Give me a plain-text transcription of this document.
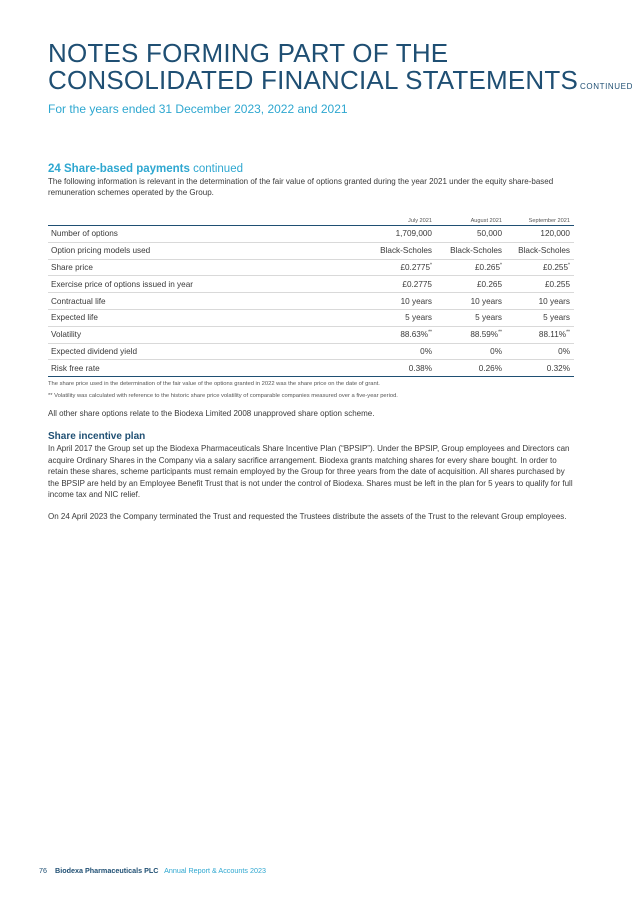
NOTES FORMING PART OF THE
CONSOLIDATED FINANCIAL STATEMENTS CONTINUED
For the years ended 31 December 2023, 2022 and 2021
24 Share-based payments continued
The following information is relevant in the determination of the fair value of options granted during the year 2021 under the equity share-based remuneration schemes operated by the Group.
	July 2021	August 2021	September 2021
Number of options	1,709,000	50,000	120,000
Option pricing models used	Black-Scholes	Black-Scholes	Black-Scholes
Share price	£0.2775*	£0.265*	£0.255*
Exercise price of options issued in year	£0.2775	£0.265	£0.255
Contractual life	10 years	10 years	10 years
Expected life	5 years	5 years	5 years
Volatility	88.63%**	88.59%**	88.11%**
Expected dividend yield	0%	0%	0%
Risk free rate	0.38%	0.26%	0.32%
The share price used in the determination of the fair value of the options granted in 2022 was the share price on the date of grant.
** Volatility was calculated with reference to the historic share price volatility of comparable companies measured over a five-year period.
All other share options relate to the Biodexa Limited 2008 unapproved share option scheme.
Share incentive plan

In April 2017 the Group set up the Biodexa Pharmaceuticals Share Incentive Plan (“BPSIP”). Under the BPSIP, Group employees and Directors can acquire Ordinary Shares in the Company via a salary sacrifice arrangement. Biodexa grants matching shares for every share bought. In order to retain these shares, scheme participants must remain employed by the Group for three years from the date of acquisition. All shares purchased by the BPSIP are held by an Employee Benefit Trust that is not under the control of Biodexa. Shares must be left in the plan for 5 years to qualify for full income tax and NIC relief.

On 24 April 2023 the Company terminated the Trust and requested the Trustees distribute the assets of the Trust to the relevant Group employees.

76 Biodexa Pharmaceuticals PLC Annual Report & Accounts 2023
